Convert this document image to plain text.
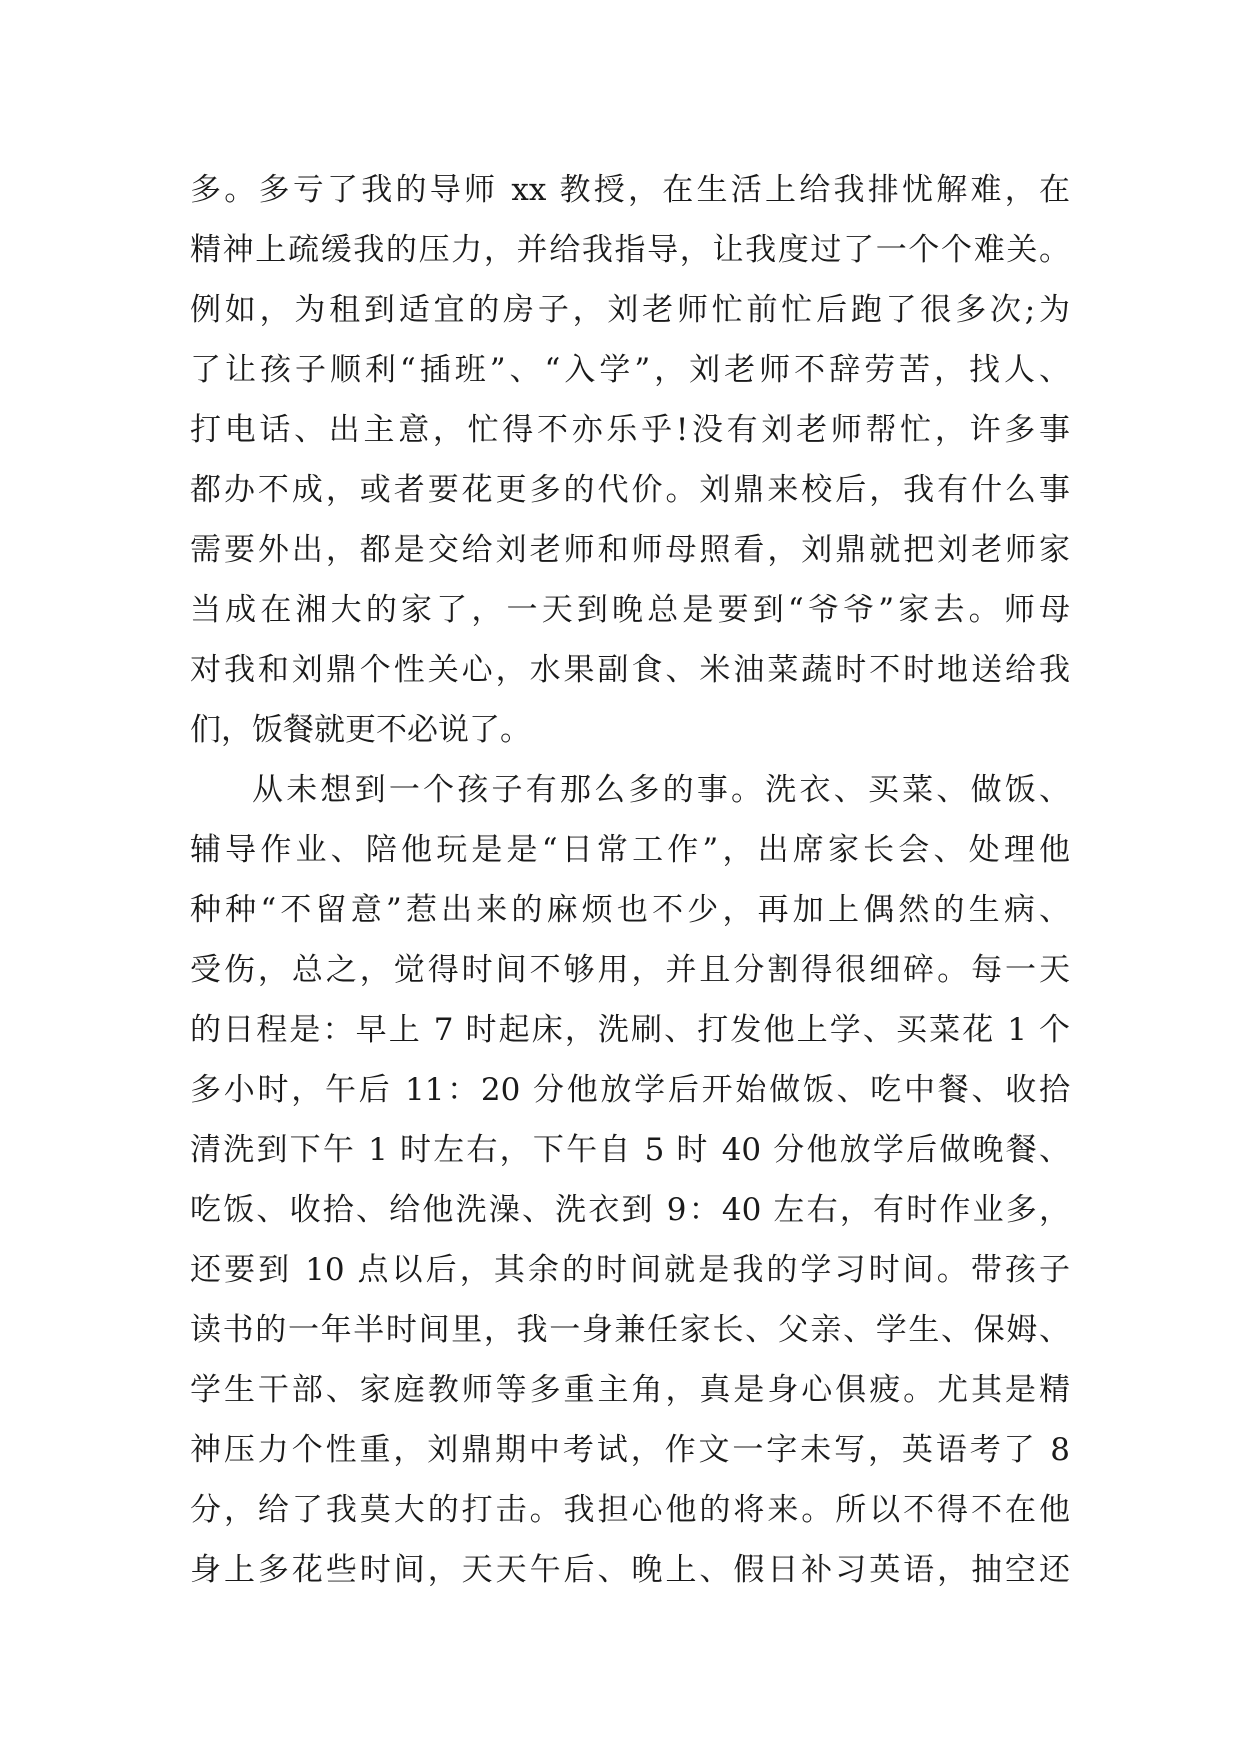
多。多亏了我的导师 xx 教授，在生活上给我排忧解难，在
精神上疏缓我的压力，并给我指导，让我度过了一个个难关。
例如，为租到适宜的房子，刘老师忙前忙后跑了很多次;为
了让孩子顺利“插班”、“入学”，刘老师不辞劳苦，找人、
打电话、出主意，忙得不亦乐乎!没有刘老师帮忙，许多事
都办不成，或者要花更多的代价。刘鼎来校后，我有什么事
需要外出，都是交给刘老师和师母照看，刘鼎就把刘老师家
当成在湘大的家了，一天到晚总是要到“爷爷”家去。师母
对我和刘鼎个性关心，水果副食、米油菜蔬时不时地送给我
们，饭餐就更不必说了。
从未想到一个孩子有那么多的事。洗衣、买菜、做饭、
辅导作业、陪他玩是是“日常工作”，出席家长会、处理他
种种“不留意”惹出来的麻烦也不少，再加上偶然的生病、
受伤，总之，觉得时间不够用，并且分割得很细碎。每一天
的日程是：早上 7 时起床，洗刷、打发他上学、买菜花 1 个
多小时，午后 11：20 分他放学后开始做饭、吃中餐、收拾
清洗到下午 1 时左右，下午自 5 时 40 分他放学后做晚餐、
吃饭、收拾、给他洗澡、洗衣到 9：40 左右，有时作业多，
还要到 10 点以后，其余的时间就是我的学习时间。带孩子
读书的一年半时间里，我一身兼任家长、父亲、学生、保姆、
学生干部、家庭教师等多重主角，真是身心俱疲。尤其是精
神压力个性重，刘鼎期中考试，作文一字未写，英语考了 8
分，给了我莫大的打击。我担心他的将来。所以不得不在他
身上多花些时间，天天午后、晚上、假日补习英语，抽空还
